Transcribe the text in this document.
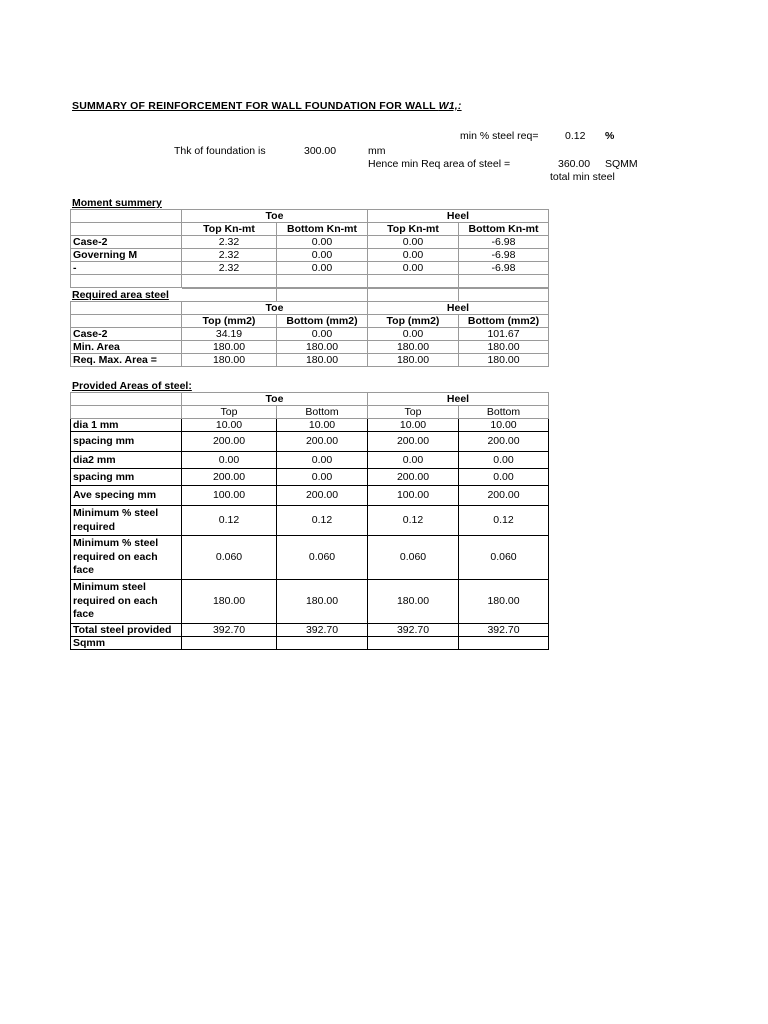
SUMMARY OF REINFORCEMENT FOR WALL FOUNDATION FOR WALL W1,:
min % steel req=	0.12 %
Thk of foundation is	300.00	mm
Hence min Req area of steel =	360.00 SQMM
total min steel
Moment summery
	Toe		Heel	
	Top Kn-mt	Bottom Kn-mt	Top Kn-mt	Bottom Kn-mt
Case-2	2.32	0.00	0.00	-6.98
Governing M	2.32	0.00	0.00	-6.98
-	2.32	0.00	0.00	-6.98

Required area steel

	Toe		Heel	
	Top (mm2)	Bottom (mm2)	Top (mm2)	Bottom (mm2)
Case-2	34.19	0.00	0.00	101.67
Min. Area	180.00	180.00	180.00	180.00
Req. Max. Area =	180.00	180.00	180.00	180.00
Provided Areas of steel:
	Toe		Heel	
	Top	Bottom	Top	Bottom
dia 1 mm	10.00	10.00	10.00	10.00
spacing mm	200.00	200.00	200.00	200.00
dia2 mm	0.00	0.00	0.00	0.00
spacing mm	200.00	0.00	200.00	0.00
Ave specing mm	100.00	200.00	100.00	200.00
Minimum % steel required	0.12	0.12	0.12	0.12
Minimum % steel required on each face	0.060	0.060	0.060	0.060
Minimum steel required on each face	180.00	180.00	180.00	180.00
Total steel provided	392.70	392.70	392.70	392.70
Sqmm				
